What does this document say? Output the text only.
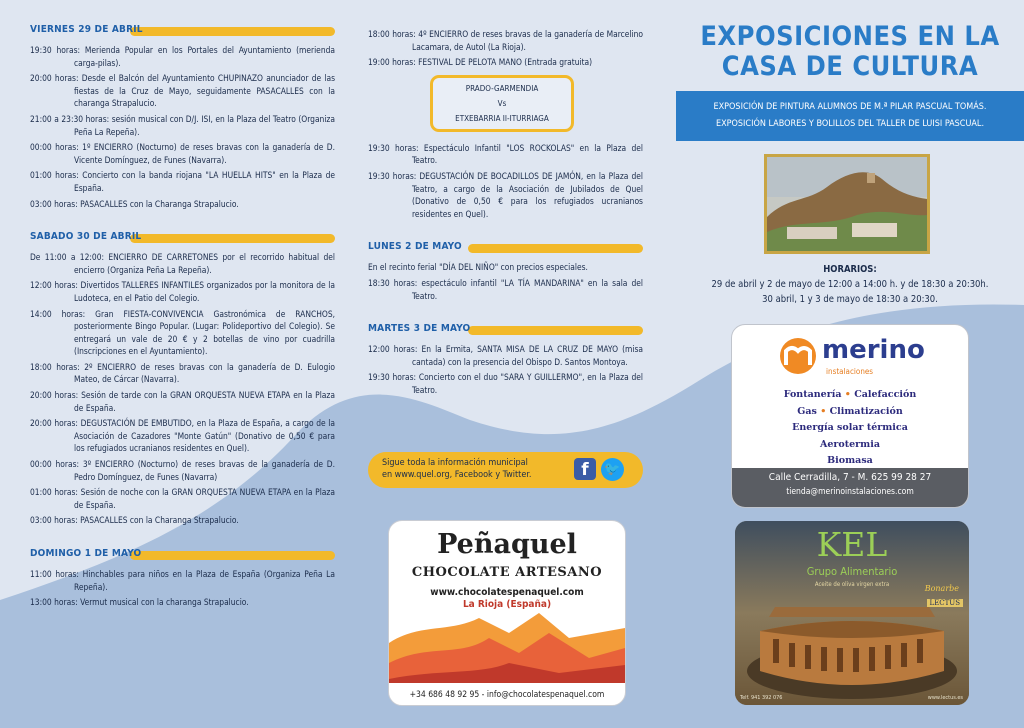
VIERNES 29 DE ABRIL

19:30 horas: Merienda Popular en los Portales del Ayuntamiento (merienda carga-pilas).

20:00 horas: Desde el Balcón del Ayuntamiento CHUPINAZO anunciador de las fiestas de la Cruz de Mayo, seguidamente PASACALLES con la charanga Strapalucio.

21:00 a 23:30 horas: sesión musical con D/J. ISI, en la Plaza del Teatro (Organiza Peña La Repeña).

00:00 horas: 1º ENCIERRO (Nocturno) de reses bravas con la ganadería de D. Vicente Domínguez, de Funes (Navarra).

01:00 horas: Concierto con la banda riojana "LA HUELLA HITS" en la Plaza de España.

03:00 horas: PASACALLES con la Charanga Strapalucio.

SABADO 30 DE ABRIL

De 11:00 a 12:00: ENCIERRO DE CARRETONES por el recorrido habitual del encierro (Organiza Peña La Repeña).

12:00 horas: Divertidos TALLERES INFANTILES organizados por la monitora de la Ludoteca, en el Patio del Colegio.

14:00 horas: Gran FIESTA-CONVIVENCIA Gastronómica de RANCHOS, posteriormente Bingo Popular. (Lugar: Polideportivo del Colegio). Se entregará un vale de 20 € y 2 botellas de vino por cuadrilla (Inscripciones en el Ayuntamiento).

18:00 horas: 2º ENCIERRO de reses bravas con la ganadería de D. Eulogio Mateo, de Cárcar (Navarra).

20:00 horas: Sesión de tarde con la GRAN ORQUESTA NUEVA ETAPA en la Plaza de España.

20:00 horas: DEGUSTACIÓN DE EMBUTIDO, en la Plaza de España, a cargo de la Asociación de Cazadores "Monte Gatún" (Donativo de 0,50 € para los refugiados ucranianos residentes en Quel).

00:00 horas: 3º ENCIERRO (Nocturno) de reses bravas de la ganadería de D. Pedro Domínguez, de Funes (Navarra)

01:00 horas: Sesión de noche con la GRAN ORQUESTA NUEVA ETAPA en la Plaza de España.

03:00 horas: PASACALLES con la Charanga Strapalucio.

DOMINGO 1 DE MAYO

11:00 horas: Hinchables para niños en la Plaza de España (Organiza Peña La Repeña).

13:00 horas: Vermut musical con la charanga Strapalucio.

18:00 horas: 4º ENCIERRO de reses bravas de la ganadería de Marcelino Lacamara, de Autol (La Rioja).

19:00 horas: FESTIVAL DE PELOTA MANO (Entrada gratuita)

PRADO-GARMENDIA
Vs
ETXEBARRIA II-ITURRIAGA

19:30 horas: Espectáculo Infantil "LOS ROCKOLAS" en la Plaza del Teatro.

19:30 horas: DEGUSTACIÓN DE BOCADILLOS DE JAMÓN, en la Plaza del Teatro, a cargo de la Asociación de Jubilados de Quel (Donativo de 0,50 € para los refugiados ucranianos residentes en Quel).

LUNES 2 DE MAYO

En el recinto ferial "DÍA DEL NIÑO" con precios especiales.

18:30 horas: espectáculo infantil "LA TÍA MANDARINA" en la sala del Teatro.

MARTES 3 DE MAYO

12:00 horas: En la Ermita, SANTA MISA DE LA CRUZ DE MAYO (misa cantada) con la presencia del Obispo D. Santos Montoya.

19:30 horas: Concierto con el duo "SARA Y GUILLERMO", en la Plaza del Teatro.

Sigue toda la información municipal
en www.quel.org, Facebook y Twitter.	f	🐦
Peñaquel
CHOCOLATE ARTESANO
www.chocolatespenaquel.com
La Rioja (España)
+34 686 48 92 95 - info@chocolatespenaquel.com
EXPOSICIONES EN LA
CASA DE CULTURA
EXPOSICIÓN DE PINTURA ALUMNOS DE M.ª PILAR PASCUAL TOMÁS.
EXPOSICIÓN LABORES Y BOLILLOS DEL TALLER DE LUISI PASCUAL.
HORARIOS:
29 de abril y 2 de mayo de 12:00 a 14:00 h. y de 18:30 a 20:30h.
30 abril, 1 y 3 de mayo de 18:30 a 20:30.
merino
instalaciones
Fontanería • Calefacción
Gas • Climatización
Energía solar térmica
Aerotermia
Biomasa
Calle Cerradilla, 7 - M. 625 99 28 27
tienda@merinoinstalaciones.com
KEL
Grupo Alimentario
Aceite de oliva virgen extra	Bonarbe
LECTUS
Telf. 941 392 076	www.lectus.es
